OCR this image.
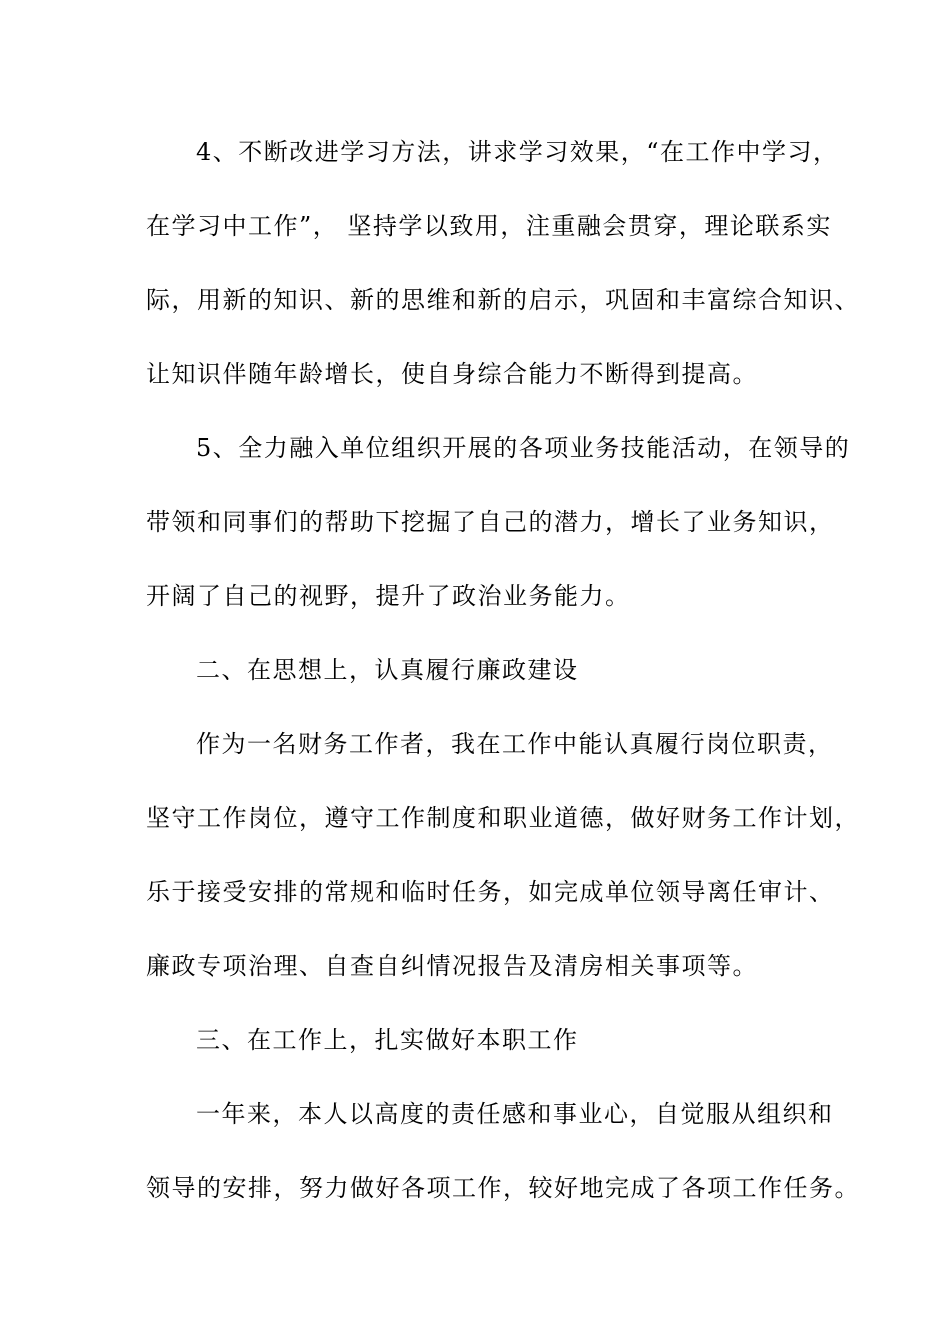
4、不断改进学习方法，讲求学习效果，“在工作中学习，
在学习中工作”， 坚持学以致用，注重融会贯穿，理论联系实
际，用新的知识、新的思维和新的启示，巩固和丰富综合知识、
让知识伴随年龄增长，使自身综合能力不断得到提高。
5、全力融入单位组织开展的各项业务技能活动，在领导的
带领和同事们的帮助下挖掘了自己的潜力，增长了业务知识，
开阔了自己的视野，提升了政治业务能力。
二、在思想上，认真履行廉政建设
作为一名财务工作者，我在工作中能认真履行岗位职责，
坚守工作岗位，遵守工作制度和职业道德，做好财务工作计划，
乐于接受安排的常规和临时任务，如完成单位领导离任审计、
廉政专项治理、自查自纠情况报告及清房相关事项等。
三、在工作上，扎实做好本职工作
一年来，本人以高度的责任感和事业心，自觉服从组织和
领导的安排，努力做好各项工作，较好地完成了各项工作任务。
